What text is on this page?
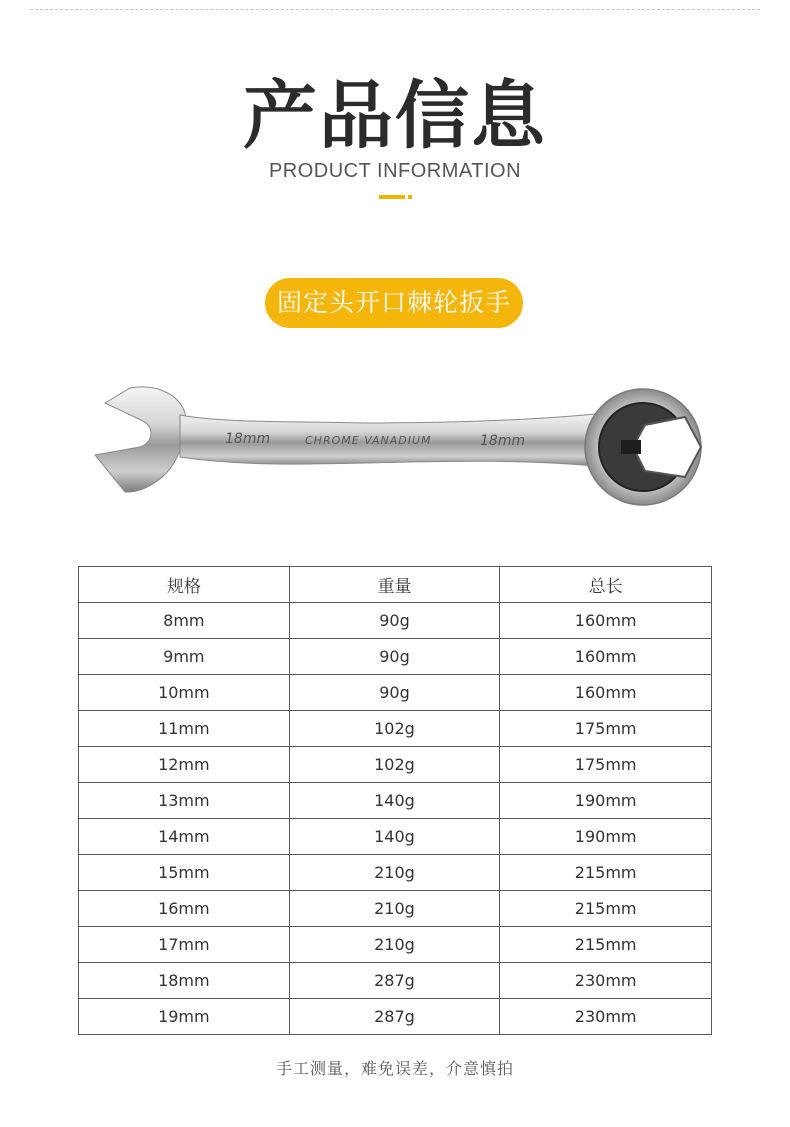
产品信息
PRODUCT INFORMATION
固定头开口棘轮扳手
18mm	CHROME VANADIUM	18mm
规格	重量	总长
8mm	90g	160mm
9mm	90g	160mm
10mm	90g	160mm
11mm	102g	175mm
12mm	102g	175mm
13mm	140g	190mm
14mm	140g	190mm
15mm	210g	215mm
16mm	210g	215mm
17mm	210g	215mm
18mm	287g	230mm
19mm	287g	230mm
手工测量，难免误差，介意慎拍
